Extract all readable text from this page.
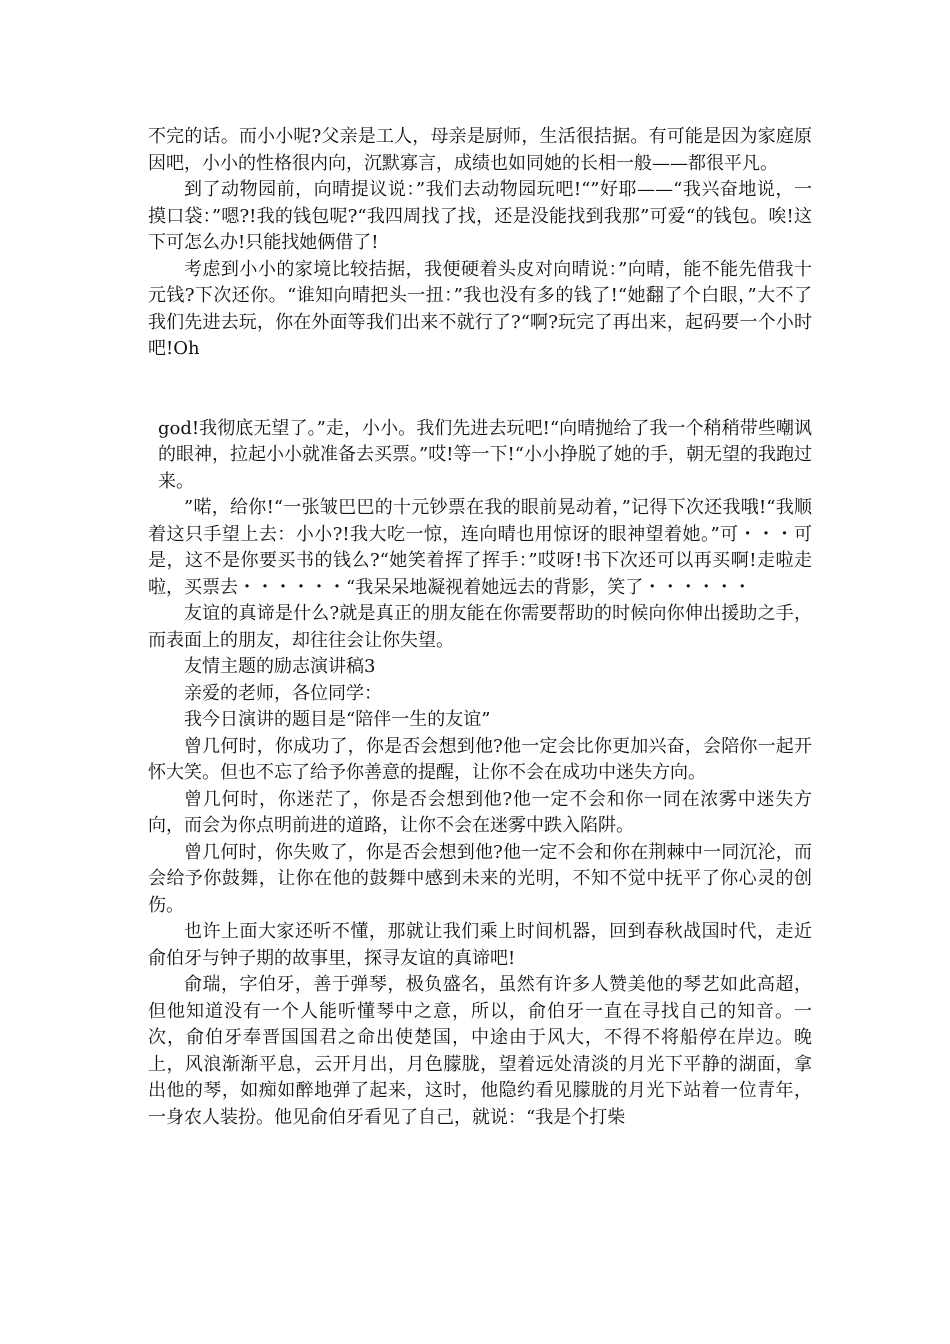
不完的话。而小小呢?父亲是工人，母亲是厨师，生活很拮据。有可能是因为家庭原因吧，小小的性格很内向，沉默寡言，成绩也如同她的长相一般——都很平凡。

到了动物园前，向晴提议说：”我们去动物园玩吧!“”好耶——“我兴奋地说，一摸口袋：”嗯?!我的钱包呢?“我四周找了找，还是没能找到我那”可爱“的钱包。唉!这下可怎么办!只能找她俩借了!

考虑到小小的家境比较拮据，我便硬着头皮对向晴说：”向晴，能不能先借我十元钱?下次还你。“谁知向晴把头一扭：”我也没有多的钱了!“她翻了个白眼，”大不了我们先进去玩，你在外面等我们出来不就行了?“啊?玩完了再出来，起码要一个小时吧!Oh

god!我彻底无望了。”走，小小。我们先进去玩吧!“向晴抛给了我一个稍稍带些嘲讽的眼神，拉起小小就准备去买票。”哎!等一下!“小小挣脱了她的手，朝无望的我跑过来。

”喏，给你!“一张皱巴巴的十元钞票在我的眼前晃动着，”记得下次还我哦!“我顺着这只手望上去：小小?!我大吃一惊，连向晴也用惊讶的眼神望着她。”可・・・可是，这不是你要买书的钱么?“她笑着挥了挥手：”哎呀!书下次还可以再买啊!走啦走啦，买票去・・・・・・“我呆呆地凝视着她远去的背影，笑了・・・・・・

友谊的真谛是什么?就是真正的朋友能在你需要帮助的时候向你伸出援助之手，而表面上的朋友，却往往会让你失望。

友情主题的励志演讲稿3

亲爱的老师，各位同学：

我今日演讲的题目是“陪伴一生的友谊”

曾几何时，你成功了，你是否会想到他?他一定会比你更加兴奋，会陪你一起开怀大笑。但也不忘了给予你善意的提醒，让你不会在成功中迷失方向。

曾几何时，你迷茫了，你是否会想到他?他一定不会和你一同在浓雾中迷失方向，而会为你点明前进的道路，让你不会在迷雾中跌入陷阱。

曾几何时，你失败了，你是否会想到他?他一定不会和你在荆棘中一同沉沦，而会给予你鼓舞，让你在他的鼓舞中感到未来的光明，不知不觉中抚平了你心灵的创伤。

也许上面大家还听不懂，那就让我们乘上时间机器，回到春秋战国时代，走近俞伯牙与钟子期的故事里，探寻友谊的真谛吧!

俞瑞，字伯牙，善于弹琴，极负盛名，虽然有许多人赞美他的琴艺如此高超，但他知道没有一个人能听懂琴中之意，所以，俞伯牙一直在寻找自己的知音。一次，俞伯牙奉晋国国君之命出使楚国，中途由于风大，不得不将船停在岸边。晚上，风浪渐渐平息，云开月出，月色朦胧，望着远处清淡的月光下平静的湖面，拿出他的琴，如痴如醉地弹了起来，这时，他隐约看见朦胧的月光下站着一位青年，一身农人装扮。他见俞伯牙看见了自己，就说：“我是个打柴
